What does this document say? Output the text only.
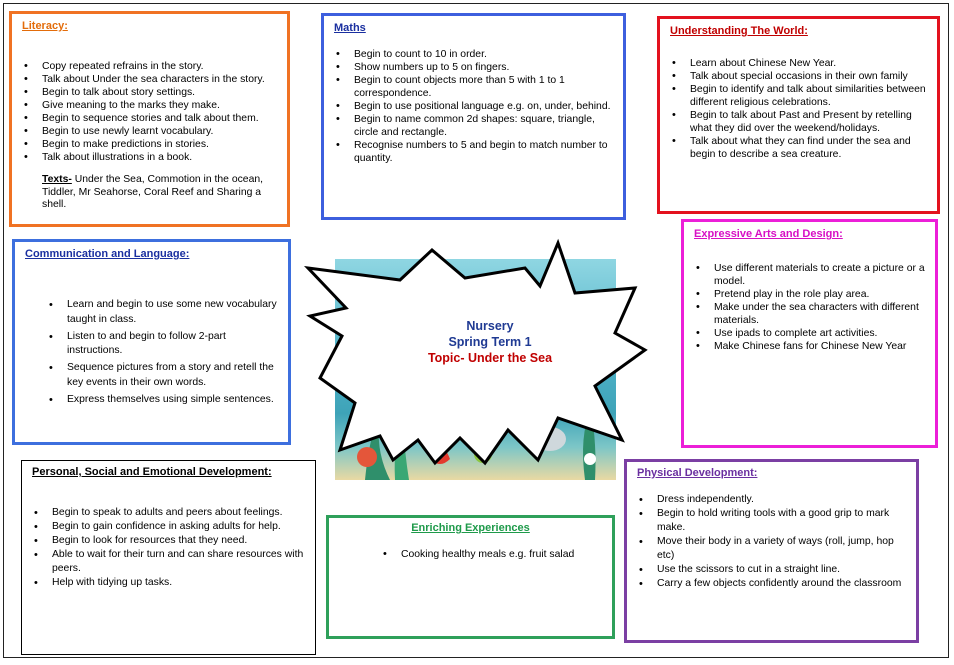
Literacy:
• Copy repeated refrains in the story.
• Talk about Under the sea characters in the story.
• Begin to talk about story settings.
• Give meaning to the marks they make.
• Begin to sequence stories and talk about them.
• Begin to use newly learnt vocabulary.
• Begin to make predictions in stories.
• Talk about illustrations in a book.
Texts- Under the Sea, Commotion in the ocean, Tiddler, Mr Seahorse, Coral Reef and Sharing a shell.
Maths
• Begin to count to 10 in order.
• Show numbers up to 5 on fingers.
• Begin to count objects more than 5 with 1 to 1 correspondence.
• Begin to use positional language e.g. on, under, behind.
• Begin to name common 2d shapes: square, triangle, circle and rectangle.
• Recognise numbers to 5 and begin to match number to quantity.
Understanding The World:
• Learn about Chinese New Year.
• Talk about special occasions in their own family
• Begin to identify and talk about similarities between different religious celebrations.
• Begin to talk about Past and Present by retelling what they did over the weekend/holidays.
• Talk about what they can find under the sea and begin to describe a sea creature.
Communication and Language:
• Learn and begin to use some new vocabulary taught in class.
• Listen to and begin to follow 2-part instructions.
• Sequence pictures from a story and retell the key events in their own words.
• Express themselves using simple sentences.
Expressive Arts and Design:
• Use different materials to create a picture or a model.
• Pretend play in the role play area.
• Make under the sea characters with different materials.
• Use ipads to complete art activities.
• Make Chinese fans for Chinese New Year
Personal, Social and Emotional Development:
• Begin to speak to adults and peers about feelings.
• Begin to gain confidence in asking adults for help.
• Begin to look for resources that they need.
• Able to wait for their turn and can share resources with peers.
• Help with tidying up tasks.
Enriching Experiences
• Cooking healthy meals e.g. fruit salad
Physical Development:
• Dress independently.
• Begin to hold writing tools with a good grip to mark make.
• Move their body in a variety of ways (roll, jump, hop etc)
• Use the scissors to cut in a straight line.
• Carry a few objects confidently around the classroom
Nursery
Spring Term 1
Topic- Under the Sea
